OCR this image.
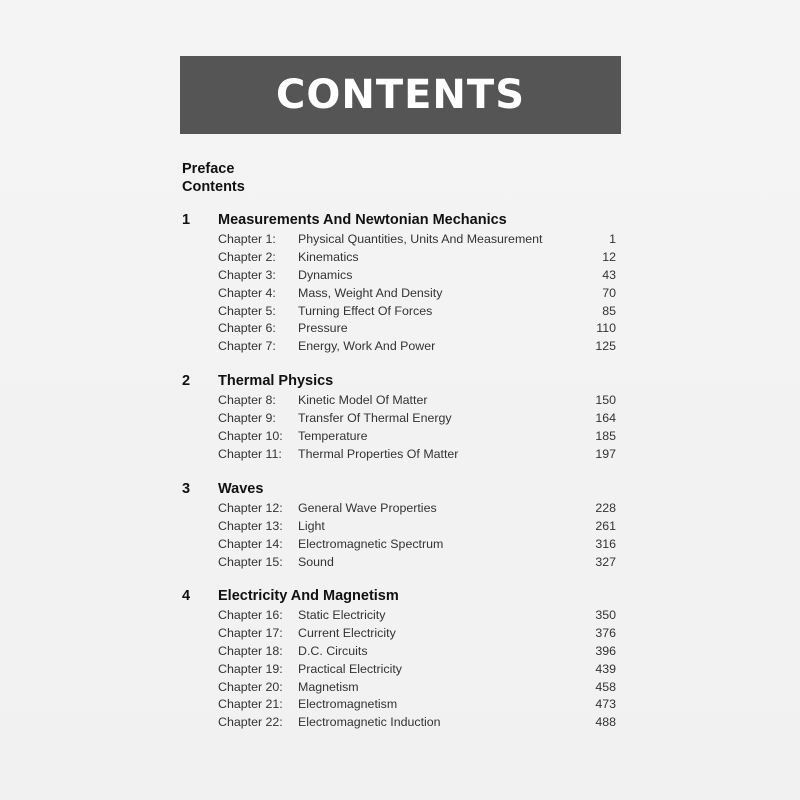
CONTENTS
Preface
Contents
1 Measurements And Newtonian Mechanics
Chapter 1: Physical Quantities, Units And Measurement	1
Chapter 2: Kinematics	12
Chapter 3: Dynamics	43
Chapter 4: Mass, Weight And Density	70
Chapter 5: Turning Effect Of Forces	85
Chapter 6: Pressure	110
Chapter 7: Energy, Work And Power	125
2 Thermal Physics
Chapter 8: Kinetic Model Of Matter	150
Chapter 9: Transfer Of Thermal Energy	164
Chapter 10: Temperature	185
Chapter 11: Thermal Properties Of Matter	197
3 Waves
Chapter 12: General Wave Properties	228
Chapter 13: Light	261
Chapter 14: Electromagnetic Spectrum	316
Chapter 15: Sound	327
4 Electricity And Magnetism
Chapter 16: Static Electricity	350
Chapter 17: Current Electricity	376
Chapter 18: D.C. Circuits	396
Chapter 19: Practical Electricity	439
Chapter 20: Magnetism	458
Chapter 21: Electromagnetism	473
Chapter 22: Electromagnetic Induction	488
